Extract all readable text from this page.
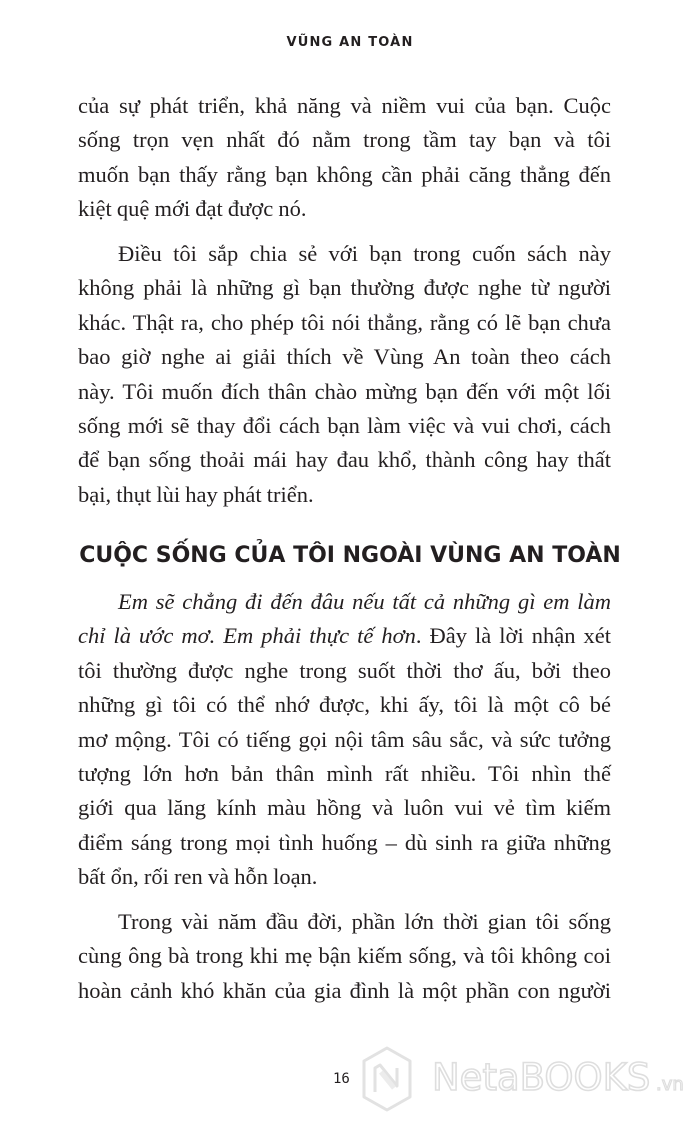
VŨNG AN TOÀN
của sự phát triển, khả năng và niềm vui của bạn. Cuộc
sống trọn vẹn nhất đó nằm trong tầm tay bạn và tôi
muốn bạn thấy rằng bạn không cần phải căng thẳng đến
kiệt quệ mới đạt được nó.
Điều tôi sắp chia sẻ với bạn trong cuốn sách này
không phải là những gì bạn thường được nghe từ người
khác. Thật ra, cho phép tôi nói thẳng, rằng có lẽ bạn chưa
bao giờ nghe ai giải thích về Vùng An toàn theo cách
này. Tôi muốn đích thân chào mừng bạn đến với một lối
sống mới sẽ thay đổi cách bạn làm việc và vui chơi, cách
để bạn sống thoải mái hay đau khổ, thành công hay thất
bại, thụt lùi hay phát triển.
CUỘC SỐNG CỦA TÔI NGOÀI VÙNG AN TOÀN
Em sẽ chẳng đi đến đâu nếu tất cả những gì em làm
chỉ là ước mơ. Em phải thực tế hơn. Đây là lời nhận xét
tôi thường được nghe trong suốt thời thơ ấu, bởi theo
những gì tôi có thể nhớ được, khi ấy, tôi là một cô bé
mơ mộng. Tôi có tiếng gọi nội tâm sâu sắc, và sức tưởng
tượng lớn hơn bản thân mình rất nhiều. Tôi nhìn thế
giới qua lăng kính màu hồng và luôn vui vẻ tìm kiếm
điểm sáng trong mọi tình huống – dù sinh ra giữa những
bất ổn, rối ren và hỗn loạn.
Trong vài năm đầu đời, phần lớn thời gian tôi sống
cùng ông bà trong khi mẹ bận kiếm sống, và tôi không coi
hoàn cảnh khó khăn của gia đình là một phần con người
16 NetaBOOKS .vn
